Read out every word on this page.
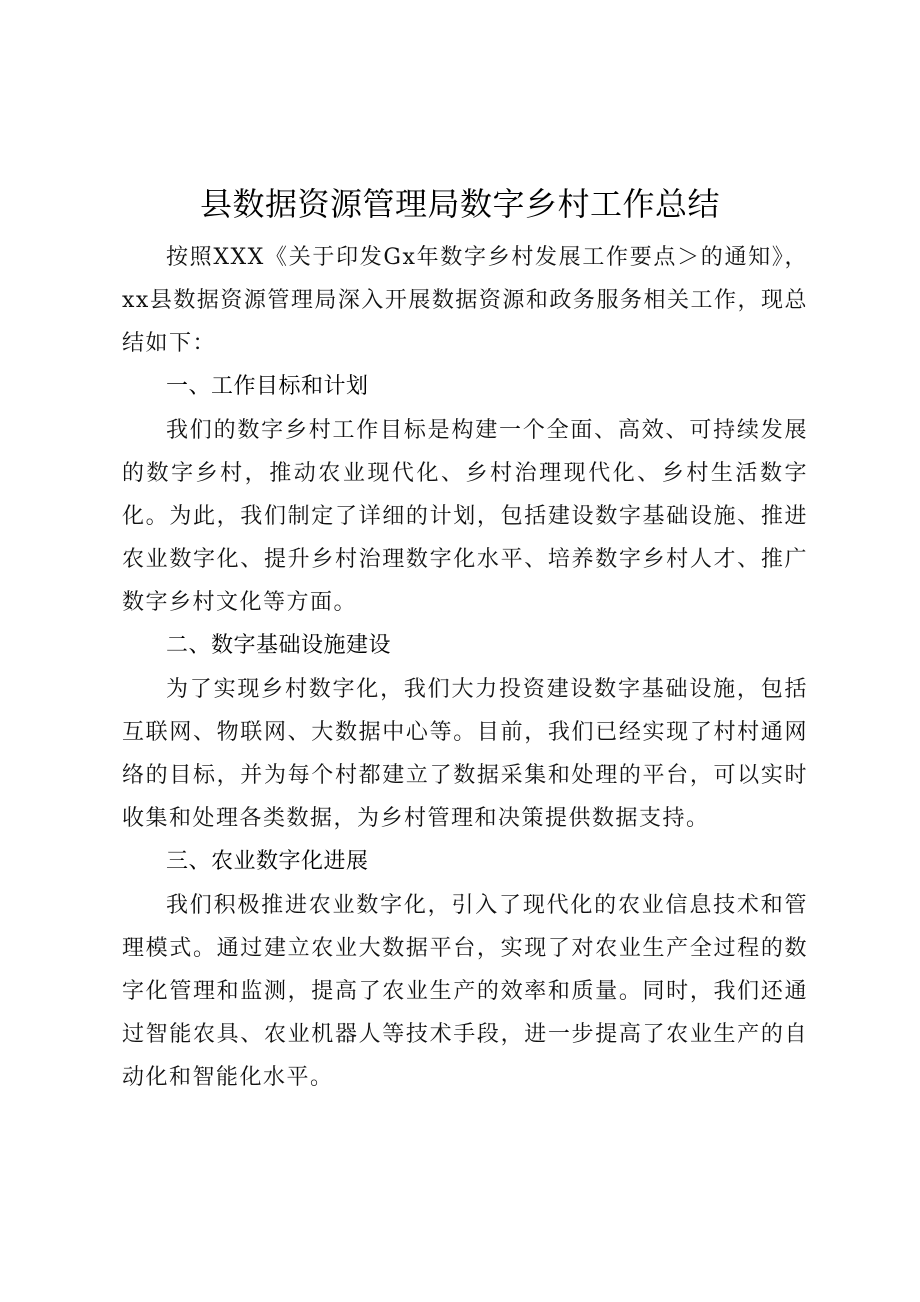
县数据资源管理局数字乡村工作总结

按照XXX《关于印发Gx年数字乡村发展工作要点＞的通知》，xx县数据资源管理局深入开展数据资源和政务服务相关工作，现总结如下：

一、工作目标和计划

我们的数字乡村工作目标是构建一个全面、高效、可持续发展的数字乡村，推动农业现代化、乡村治理现代化、乡村生活数字化。为此，我们制定了详细的计划，包括建设数字基础设施、推进农业数字化、提升乡村治理数字化水平、培养数字乡村人才、推广数字乡村文化等方面。

二、数字基础设施建设

为了实现乡村数字化，我们大力投资建设数字基础设施，包括互联网、物联网、大数据中心等。目前，我们已经实现了村村通网络的目标，并为每个村都建立了数据采集和处理的平台，可以实时收集和处理各类数据，为乡村管理和决策提供数据支持。

三、农业数字化进展

我们积极推进农业数字化，引入了现代化的农业信息技术和管理模式。通过建立农业大数据平台，实现了对农业生产全过程的数字化管理和监测，提高了农业生产的效率和质量。同时，我们还通过智能农具、农业机器人等技术手段，进一步提高了农业生产的自动化和智能化水平。
